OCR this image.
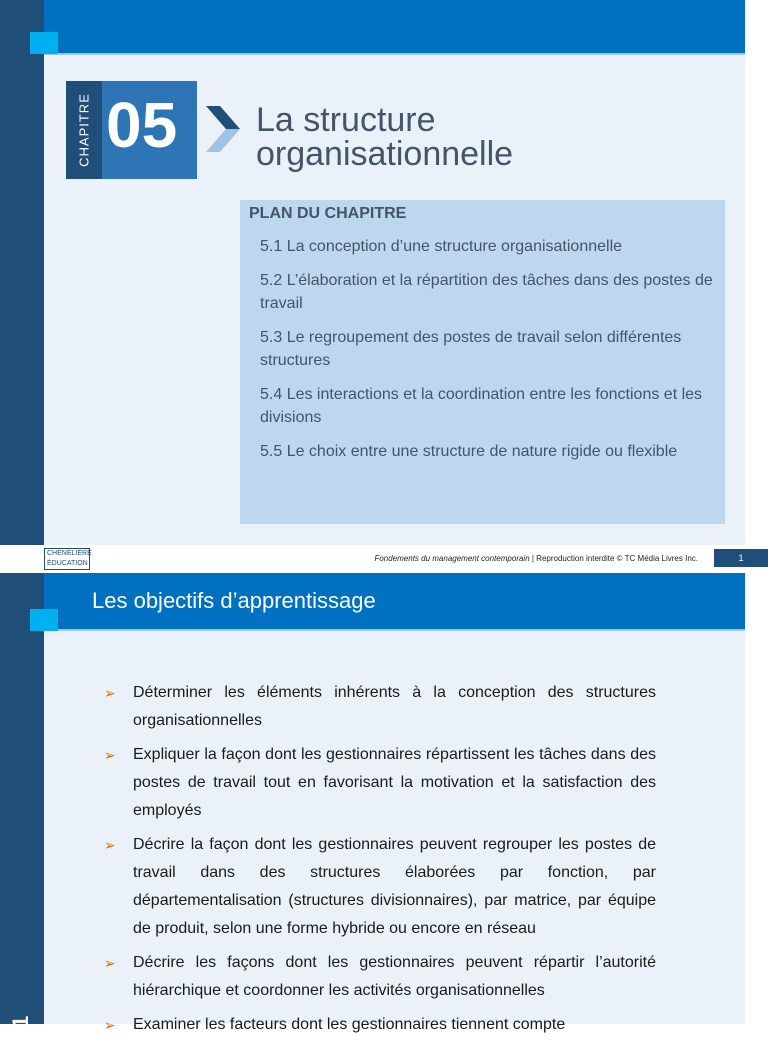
CHAPITRE 05 La structure
organisationnelle
PLAN DU CHAPITRE
5.1 La conception d’une structure organisationnelle
5.2 L’élaboration et la répartition des tâches dans des postes de travail
5.3 Le regroupement des postes de travail selon différentes structures
5.4 Les interactions et la coordination entre les fonctions et les divisions
5.5 Le choix entre une structure de nature rigide ou flexible
CHENELIÈRE
ÉDUCATION
Fondements du management contemporain | Reproduction interdite © TC Média Livres Inc.	1
Les objectifs d’apprentissage
1
➢ Déterminer les éléments inhérents à la conception des structures organisationnelles
➢ Expliquer la façon dont les gestionnaires répartissent les tâches dans des postes de travail tout en favorisant la motivation et la satisfaction des employés
➢ Décrire la façon dont les gestionnaires peuvent regrouper les postes de travail dans des structures élaborées par fonction, par départementalisation (structures divisionnaires), par matrice, par équipe de produit, selon une forme hybride ou encore en réseau
➢ Décrire les façons dont les gestionnaires peuvent répartir l’autorité hiérarchique et coordonner les activités organisationnelles
➢ Examiner les facteurs dont les gestionnaires tiennent compte
